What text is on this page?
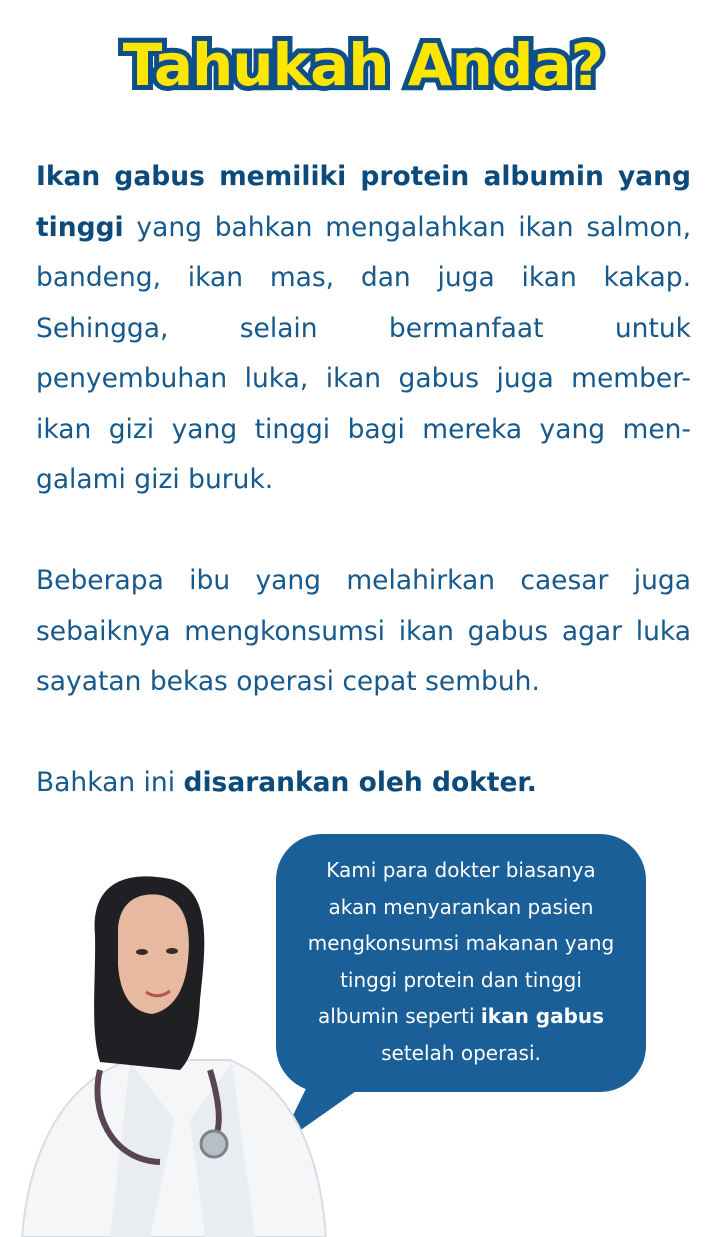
Tahukah Anda?
Ikan gabus memiliki protein albumin yang tinggi yang bahkan mengalahkan ikan salmon, bandeng, ikan mas, dan juga ikan kakap. Sehingga, selain bermanfaat untuk penyembuhan luka, ikan gabus juga member-ikan gizi yang tinggi bagi mereka yang men-galami gizi buruk.
Beberapa ibu yang melahirkan caesar juga sebaiknya mengkonsumsi ikan gabus agar luka sayatan bekas operasi cepat sembuh.
Bahkan ini disarankan oleh dokter.
Kami para dokter biasanya akan menyarankan pasien mengkonsumsi makanan yang tinggi protein dan tinggi albumin seperti ikan gabus setelah operasi.
